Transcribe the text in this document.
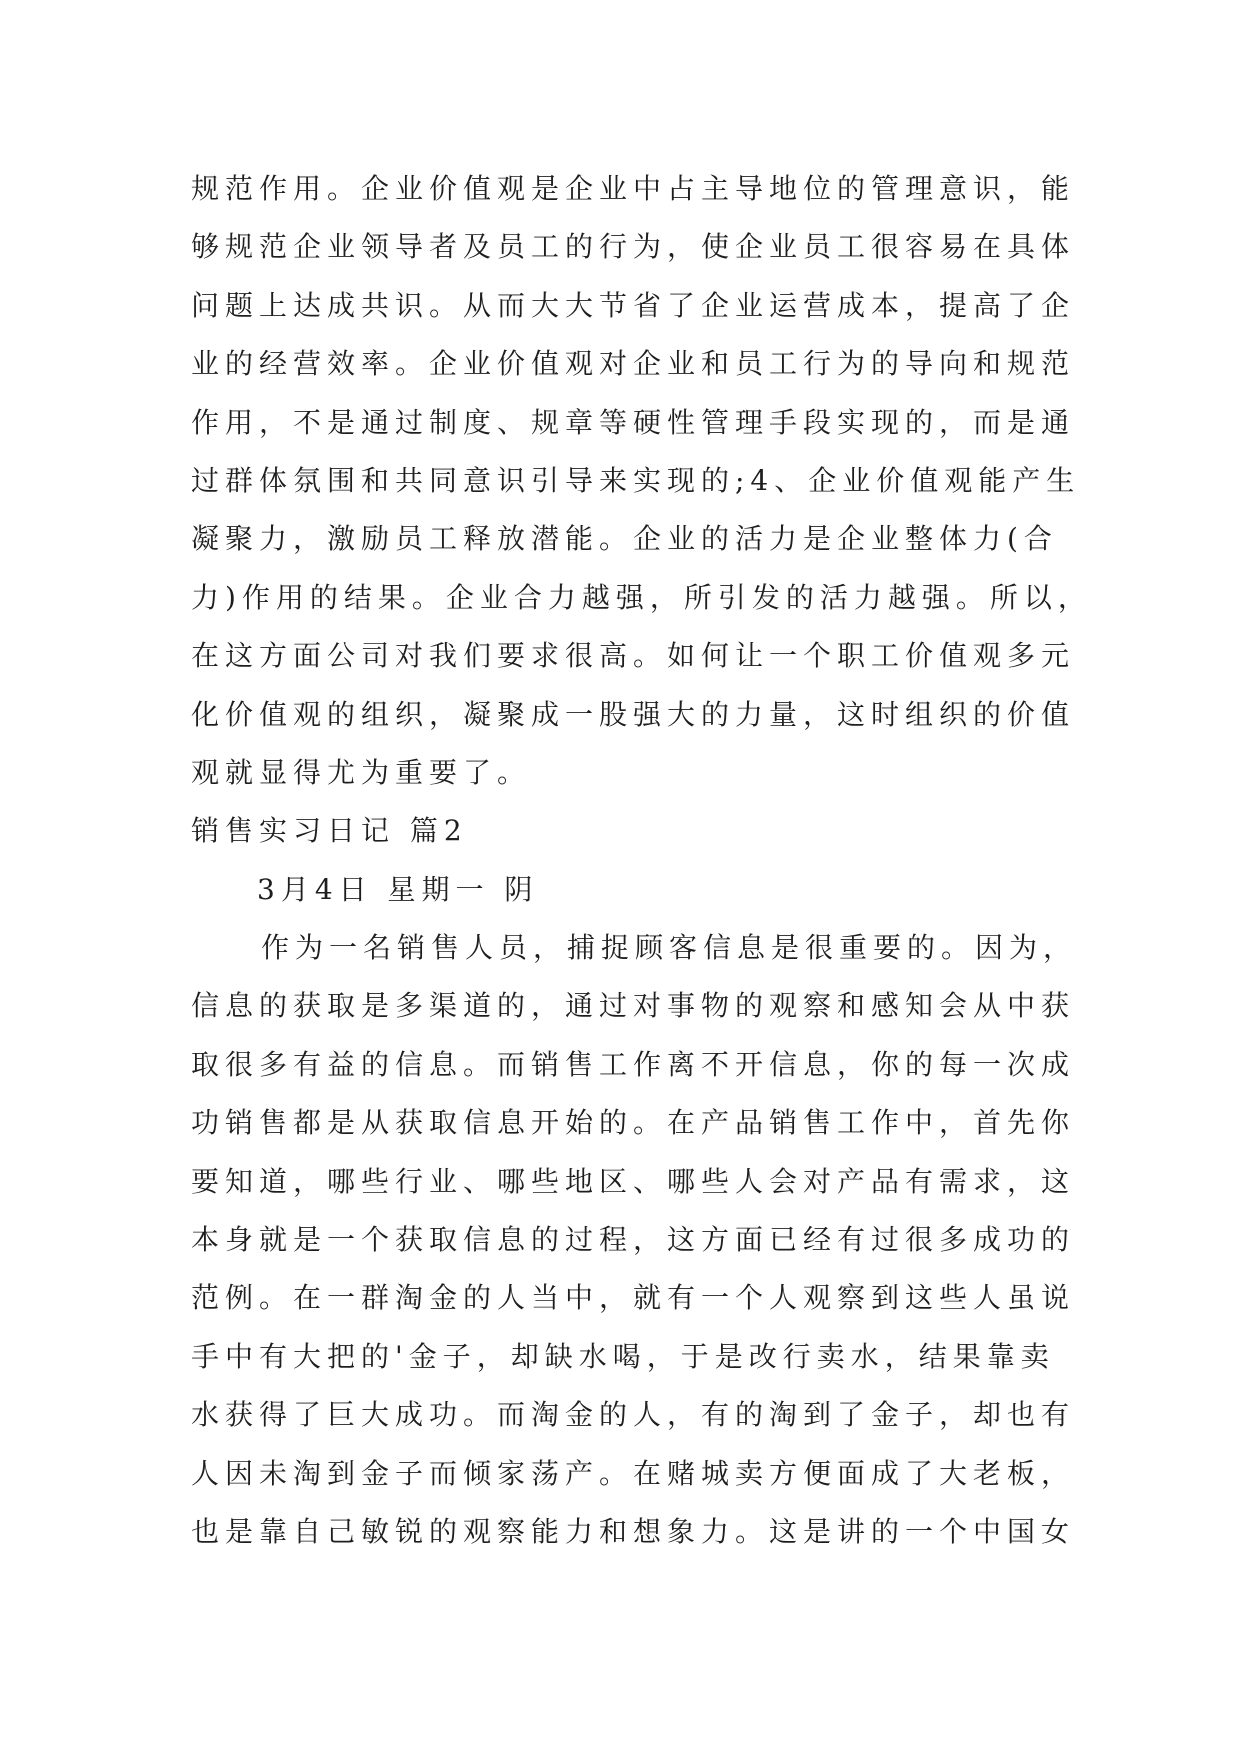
规范作用。企业价值观是企业中占主导地位的管理意识，能
够规范企业领导者及员工的行为，使企业员工很容易在具体
问题上达成共识。从而大大节省了企业运营成本，提高了企
业的经营效率。企业价值观对企业和员工行为的导向和规范
作用，不是通过制度、规章等硬性管理手段实现的，而是通
过群体氛围和共同意识引导来实现的;4、企业价值观能产生
凝聚力，激励员工释放潜能。企业的活力是企业整体力(合
力)作用的结果。企业合力越强，所引发的活力越强。所以，
在这方面公司对我们要求很高。如何让一个职工价值观多元
化价值观的组织，凝聚成一股强大的力量，这时组织的价值
观就显得尤为重要了。
销售实习日记 篇2
3月4日 星期一 阴
作为一名销售人员，捕捉顾客信息是很重要的。因为，
信息的获取是多渠道的，通过对事物的观察和感知会从中获
取很多有益的信息。而销售工作离不开信息，你的每一次成
功销售都是从获取信息开始的。在产品销售工作中，首先你
要知道，哪些行业、哪些地区、哪些人会对产品有需求，这
本身就是一个获取信息的过程，这方面已经有过很多成功的
范例。在一群淘金的人当中，就有一个人观察到这些人虽说
手中有大把的'金子，却缺水喝，于是改行卖水，结果靠卖
水获得了巨大成功。而淘金的人，有的淘到了金子，却也有
人因未淘到金子而倾家荡产。在赌城卖方便面成了大老板，
也是靠自己敏锐的观察能力和想象力。这是讲的一个中国女
